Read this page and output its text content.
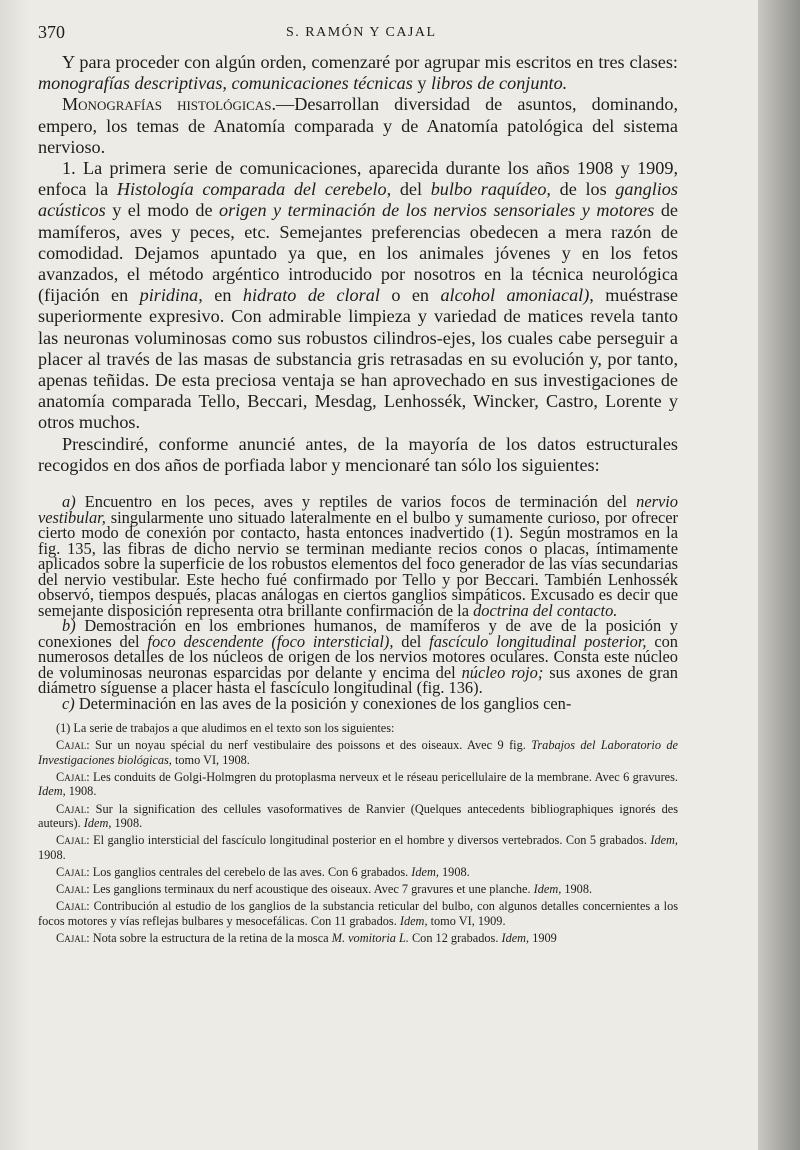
370	S. RAMÓN Y CAJAL

Y para proceder con algún orden, comenzaré por agrupar mis escritos en tres clases: monografías descriptivas, comunicaciones técnicas y libros de conjunto.

Monografías histológicas.—Desarrollan diversidad de asuntos, dominando, empero, los temas de Anatomía comparada y de Anatomía patológica del sistema nervioso.

1. La primera serie de comunicaciones, aparecida durante los años 1908 y 1909, enfoca la Histología comparada del cerebelo, del bulbo raquídeo, de los ganglios acústicos y el modo de origen y terminación de los nervios sensoriales y motores de mamíferos, aves y peces, etc. Semejantes preferencias obedecen a mera razón de comodidad. Dejamos apuntado ya que, en los animales jóvenes y en los fetos avanzados, el método argéntico introducido por nosotros en la técnica neurológica (fijación en piridina, en hidrato de cloral o en alcohol amoniacal), muéstrase superiormente expresivo. Con admirable limpieza y variedad de matices revela tanto las neuronas voluminosas como sus robustos cilindros-ejes, los cuales cabe perseguir a placer al través de las masas de substancia gris retrasadas en su evolución y, por tanto, apenas teñidas. De esta preciosa ventaja se han aprovechado en sus investigaciones de anatomía comparada Tello, Beccari, Mesdag, Lenhossék, Wincker, Castro, Lorente y otros muchos.

Prescindiré, conforme anuncié antes, de la mayoría de los datos estructurales recogidos en dos años de porfiada labor y mencionaré tan sólo los siguientes:

a) Encuentro en los peces, aves y reptiles de varios focos de terminación del nervio vestibular, singularmente uno situado lateralmente en el bulbo y sumamente curioso, por ofrecer cierto modo de conexión por contacto, hasta entonces inadvertido (1). Según mostramos en la fig. 135, las fibras de dicho nervio se terminan mediante recios conos o placas, íntimamente aplicados sobre la superficie de los robustos elementos del foco generador de las vías secundarias del nervio vestibular. Este hecho fué confirmado por Tello y por Beccari. También Lenhossék observó, tiempos después, placas análogas en ciertos ganglios simpáticos. Excusado es decir que semejante disposición representa otra brillante confirmación de la doctrina del contacto.

b) Demostración en los embriones humanos, de mamíferos y de ave de la posición y conexiones del foco descendente (foco intersticial), del fascículo longitudinal posterior, con numerosos detalles de los núcleos de origen de los nervios motores oculares. Consta este núcleo de voluminosas neuronas esparcidas por delante y encima del núcleo rojo; sus axones de gran diámetro síguense a placer hasta el fascículo longitudinal (fig. 136).

c) Determinación en las aves de la posición y conexiones de los ganglios cen-

(1) La serie de trabajos a que aludimos en el texto son los siguientes:

Cajal: Sur un noyau spécial du nerf vestibulaire des poissons et des oiseaux. Avec 9 fig. Trabajos del Laboratorio de Investigaciones biológicas, tomo VI, 1908.

Cajal: Les conduits de Golgi-Holmgren du protoplasma nerveux et le réseau pericellulaire de la membrane. Avec 6 gravures. Idem, 1908.

Cajal: Sur la signification des cellules vasoformatives de Ranvier (Quelques antecedents bibliographiques ignorés des auteurs). Idem, 1908.

Cajal: El ganglio intersticial del fascículo longitudinal posterior en el hombre y diversos vertebrados. Con 5 grabados. Idem, 1908.

Cajal: Los ganglios centrales del cerebelo de las aves. Con 6 grabados. Idem, 1908.

Cajal: Les ganglions terminaux du nerf acoustique des oiseaux. Avec 7 gravures et une planche. Idem, 1908.

Cajal: Contribución al estudio de los ganglios de la substancia reticular del bulbo, con algunos detalles concernientes a los focos motores y vías reflejas bulbares y mesocefálicas. Con 11 grabados. Idem, tomo VI, 1909.

Cajal: Nota sobre la estructura de la retina de la mosca M. vomitoria L. Con 12 grabados. Idem, 1909
